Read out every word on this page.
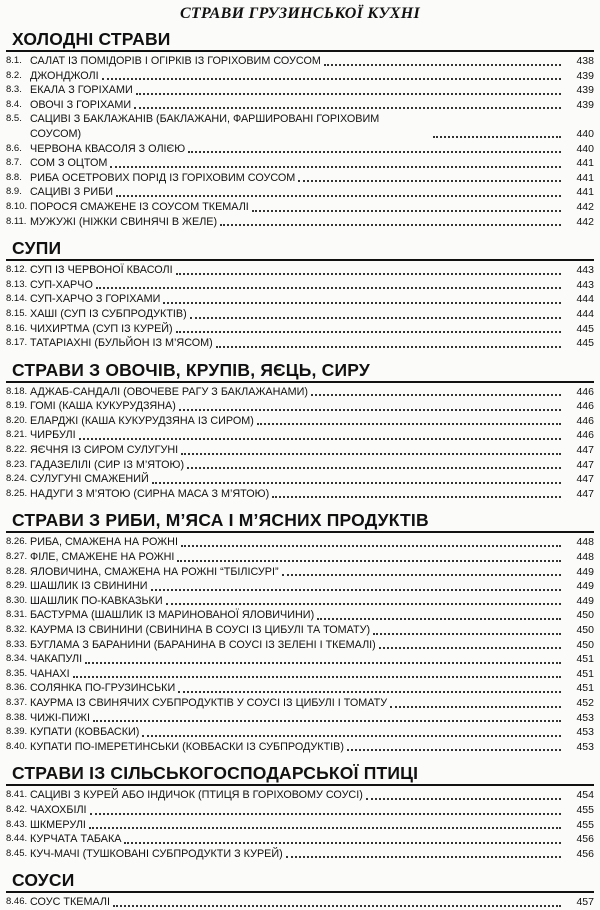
СТРАВИ ГРУЗИНСЬКОЇ КУХНІ
ХОЛОДНІ СТРАВИ
8.1. САЛАТ ІЗ ПОМІДОРІВ І ОГІРКІВ ІЗ ГОРІХОВИМ СОУСОМ	438
8.2. ДЖОНДЖОЛІ	439
8.3. ЕКАЛА З ГОРІХАМИ	439
8.4. ОВОЧІ З ГОРІХАМИ	439
8.5. САЦИВІ З БАКЛАЖАНІВ (БАКЛАЖАНИ, ФАРШИРОВАНІ ГОРІХОВИМ СОУСОМ)	440
8.6. ЧЕРВОНА КВАСОЛЯ З ОЛІЄЮ	440
8.7. СОМ З ОЦТОМ	441
8.8. РИБА ОСЕТРОВИХ ПОРІД ІЗ ГОРІХОВИМ СОУСОМ	441
8.9. САЦИВІ З РИБИ	441
8.10. ПОРОСЯ СМАЖЕНЕ ІЗ СОУСОМ ТКЕМАЛІ	442
8.11. МУЖУЖІ (НІЖКИ СВИНЯЧІ В ЖЕЛЕ)	442
СУПИ
8.12. СУП ІЗ ЧЕРВОНОЇ КВАСОЛІ	443
8.13. СУП-ХАРЧО	443
8.14. СУП-ХАРЧО З ГОРІХАМИ	444
8.15. ХАШІ (СУП ІЗ СУБПРОДУКТІВ)	444
8.16. ЧИХИРТМА (СУП ІЗ КУРЕЙ)	445
8.17. ТАТАРІАХНІ (БУЛЬЙОН ІЗ М’ЯСОМ)	445
СТРАВИ З ОВОЧІВ, КРУПІВ, ЯЄЦЬ, СИРУ
8.18. АДЖАБ-САНДАЛІ (ОВОЧЕВЕ РАГУ З БАКЛАЖАНАМИ)	446
8.19. ГОМІ (КАША КУКУРУДЗЯНА)	446
8.20. ЕЛАРДЖІ (КАША КУКУРУДЗЯНА ІЗ СИРОМ)	446
8.21. ЧИРБУЛІ	446
8.22. ЯЄЧНЯ ІЗ СИРОМ СУЛУГУНІ	447
8.23. ГАДАЗЕЛІЛІ (СИР ІЗ М’ЯТОЮ)	447
8.24. СУЛУГУНІ СМАЖЕНИЙ	447
8.25. НАДУГИ З М’ЯТОЮ (СИРНА МАСА З М’ЯТОЮ)	447
СТРАВИ З РИБИ, М’ЯСА І М’ЯСНИХ ПРОДУКТІВ
8.26. РИБА, СМАЖЕНА НА РОЖНІ	448
8.27. ФІЛЕ, СМАЖЕНЕ НА РОЖНІ	448
8.28. ЯЛОВИЧИНА, СМАЖЕНА НА РОЖНІ “ТБІЛІСУРІ”	449
8.29. ШАШЛИК ІЗ СВИНИНИ	449
8.30. ШАШЛИК ПО-КАВКАЗЬКИ	449
8.31. БАСТУРМА (ШАШЛИК ІЗ МАРИНОВАНОЇ ЯЛОВИЧИНИ)	450
8.32. КАУРМА ІЗ СВИНИНИ (СВИНИНА В СОУСІ ІЗ ЦИБУЛІ ТА ТОМАТУ)	450
8.33. БУГЛАМА З БАРАНИНИ (БАРАНИНА В СОУСІ ІЗ ЗЕЛЕНІ І ТКЕМАЛІ)	450
8.34. ЧАКАПУЛІ	451
8.35. ЧАНАХІ	451
8.36. СОЛЯНКА ПО-ГРУЗИНСЬКИ	451
8.37. КАУРМА ІЗ СВИНЯЧИХ СУБПРОДУКТІВ У СОУСІ ІЗ ЦИБУЛІ І ТОМАТУ	452
8.38. ЧИЖІ-ПИЖІ	453
8.39. КУПАТИ (КОВБАСКИ)	453
8.40. КУПАТИ ПО-ІМЕРЕТИНСЬКИ (КОВБАСКИ ІЗ СУБПРОДУКТІВ)	453
СТРАВИ ІЗ СІЛЬСЬКОГОСПОДАРСЬКОЇ ПТИЦІ
8.41. САЦИВІ З КУРЕЙ АБО ІНДИЧОК (ПТИЦЯ В ГОРІХОВОМУ СОУСІ)	454
8.42. ЧАХОХБІЛІ	455
8.43. ШКМЕРУЛІ	455
8.44. КУРЧАТА ТАБАКА	456
8.45. КУЧ-МАЧІ (ТУШКОВАНІ СУБПРОДУКТИ З КУРЕЙ)	456
СОУСИ
8.46. СОУС ТКЕМАЛІ	457
